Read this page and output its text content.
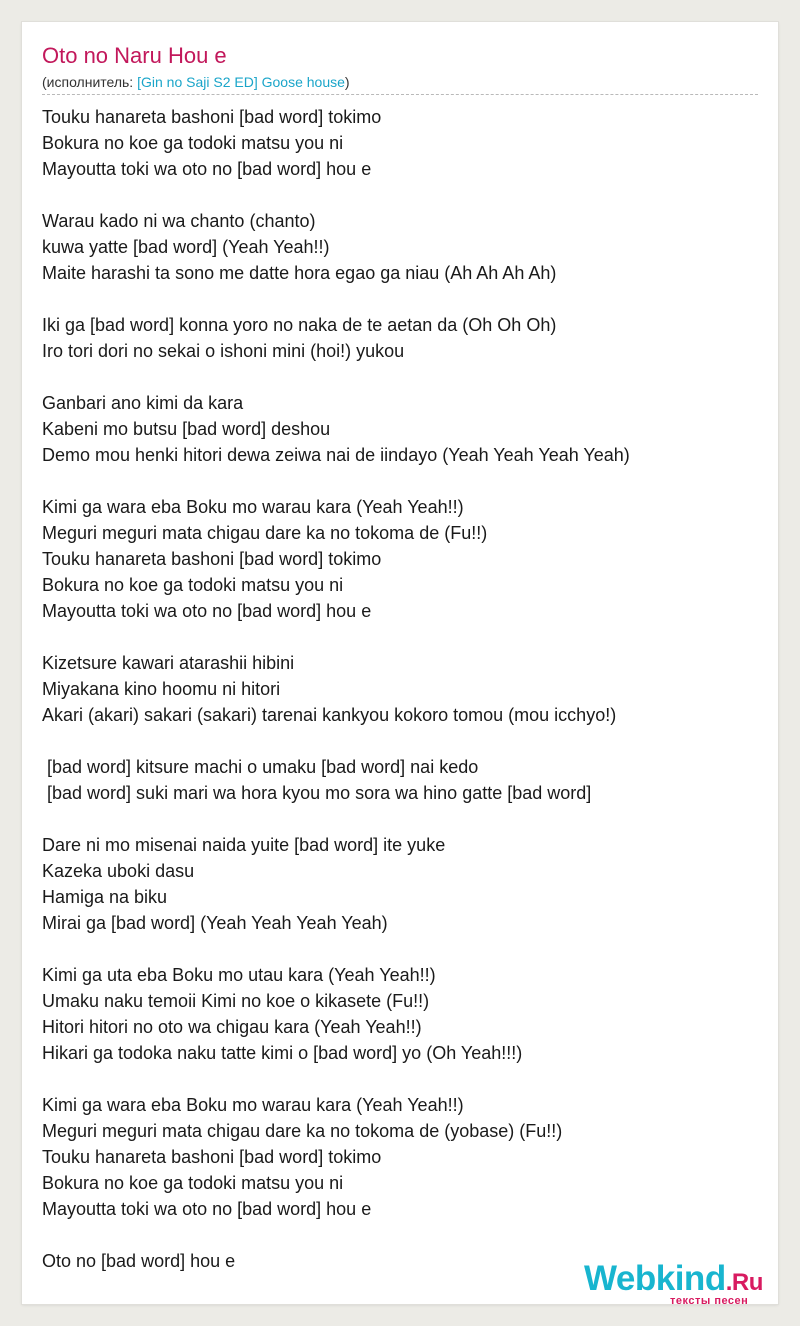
Oto no Naru Hou e
(исполнитель: [Gin no Saji S2 ED] Goose house)
Touku hanareta bashoni [bad word] tokimo
Bokura no koe ga todoki matsu you ni
Mayoutta toki wa oto no [bad word] hou e
Warau kado ni wa chanto (chanto)
kuwa yatte [bad word] (Yeah Yeah!!)
Maite harashi ta sono me datte hora egao ga niau (Ah Ah Ah Ah)
Iki ga [bad word] konna yoro no naka de te aetan da (Oh Oh Oh)
Iro tori dori no sekai o ishoni mini (hoi!) yukou
Ganbari ano kimi da kara
Kabeni mo butsu [bad word] deshou
Demo mou henki hitori dewa zeiwa nai de iindayo (Yeah Yeah Yeah Yeah)
Kimi ga wara eba Boku mo warau kara (Yeah Yeah!!)
Meguri meguri mata chigau dare ka no tokoma de (Fu!!)
Touku hanareta bashoni [bad word] tokimo
Bokura no koe ga todoki matsu you ni
Mayoutta toki wa oto no [bad word] hou e
Kizetsure kawari atarashii hibini
Miyakana kino hoomu ni hitori
Akari (akari) sakari (sakari) tarenai kankyou kokoro tomou (mou icchyo!)
[bad word] kitsure machi o umaku [bad word] nai kedo
[bad word] suki mari wa hora kyou mo sora wa hino gatte [bad word]
Dare ni mo misenai naida yuite [bad word] ite yuke
Kazeka uboki dasu
Hamiga na biku
Mirai ga [bad word] (Yeah Yeah Yeah Yeah)
Kimi ga uta eba Boku mo utau kara (Yeah Yeah!!)
Umaku naku temoii Kimi no koe o kikasete (Fu!!)
Hitori hitori no oto wa chigau kara (Yeah Yeah!!)
Hikari ga todoka naku tatte kimi o [bad word] yo (Oh Yeah!!!)
Kimi ga wara eba Boku mo warau kara (Yeah Yeah!!)
Meguri meguri mata chigau dare ka no tokoma de (yobase) (Fu!!)
Touku hanareta bashoni [bad word] tokimo
Bokura no koe ga todoki matsu you ni
Mayoutta toki wa oto no [bad word] hou e
Oto no [bad word] hou e	Webkind.Ru
тексты песен
